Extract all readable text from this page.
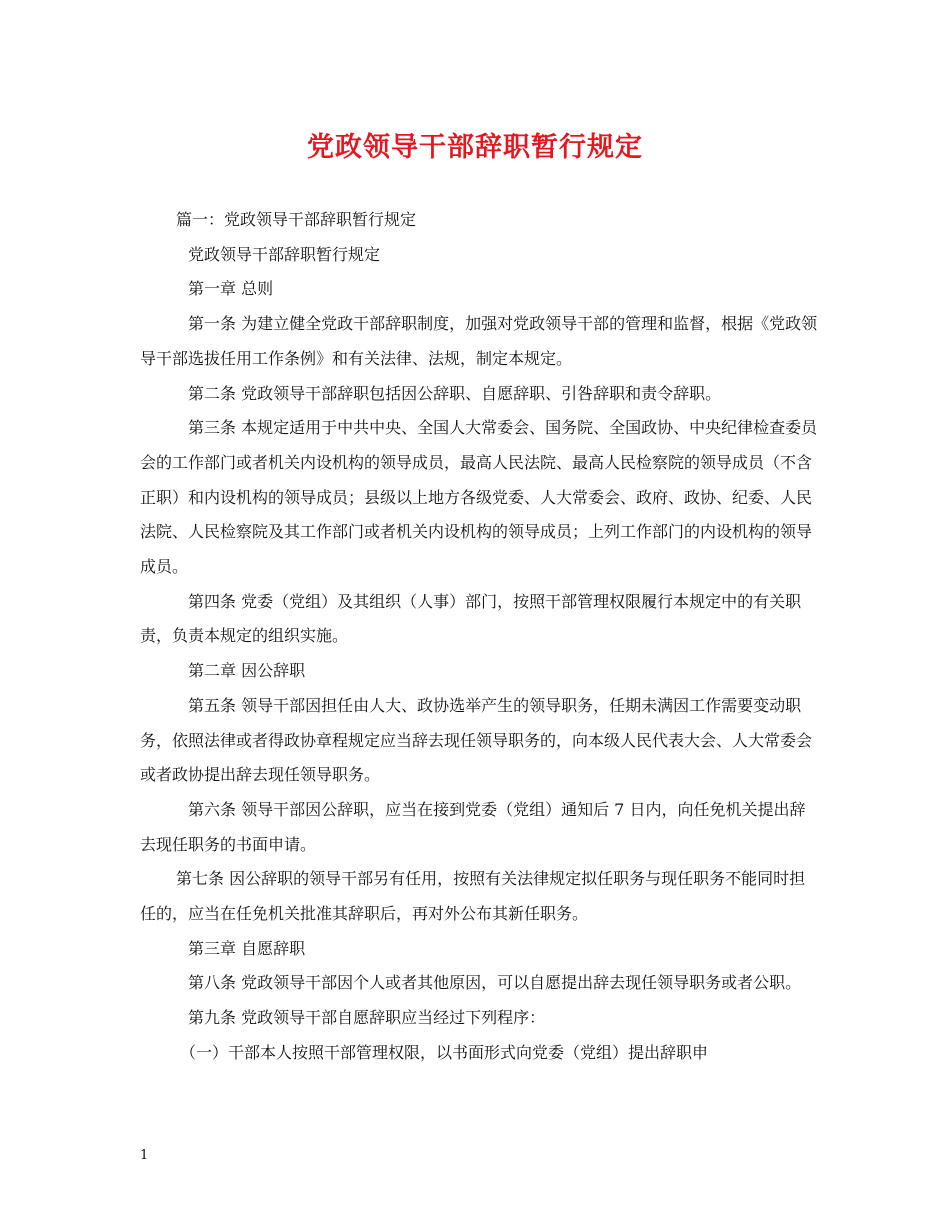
党政领导干部辞职暂行规定

篇一：党政领导干部辞职暂行规定

党政领导干部辞职暂行规定

第一章 总则

第一条 为建立健全党政干部辞职制度，加强对党政领导干部的管理和监督，根据《党政领导干部选拔任用工作条例》和有关法律、法规，制定本规定。

第二条 党政领导干部辞职包括因公辞职、自愿辞职、引咎辞职和责令辞职。

第三条 本规定适用于中共中央、全国人大常委会、国务院、全国政协、中央纪律检查委员会的工作部门或者机关内设机构的领导成员，最高人民法院、最高人民检察院的领导成员（不含正职）和内设机构的领导成员；县级以上地方各级党委、人大常委会、政府、政协、纪委、人民法院、人民检察院及其工作部门或者机关内设机构的领导成员；上列工作部门的内设机构的领导成员。

第四条 党委（党组）及其组织（人事）部门，按照干部管理权限履行本规定中的有关职责，负责本规定的组织实施。

第二章 因公辞职

第五条 领导干部因担任由人大、政协选举产生的领导职务，任期未满因工作需要变动职务，依照法律或者得政协章程规定应当辞去现任领导职务的，向本级人民代表大会、人大常委会或者政协提出辞去现任领导职务。

第六条 领导干部因公辞职，应当在接到党委（党组）通知后 7 日内，向任免机关提出辞去现任职务的书面申请。

第七条 因公辞职的领导干部另有任用，按照有关法律规定拟任职务与现任职务不能同时担任的，应当在任免机关批准其辞职后，再对外公布其新任职务。

第三章 自愿辞职

第八条 党政领导干部因个人或者其他原因，可以自愿提出辞去现任领导职务或者公职。

第九条 党政领导干部自愿辞职应当经过下列程序：

（一）干部本人按照干部管理权限，以书面形式向党委（党组）提出辞职申

1
